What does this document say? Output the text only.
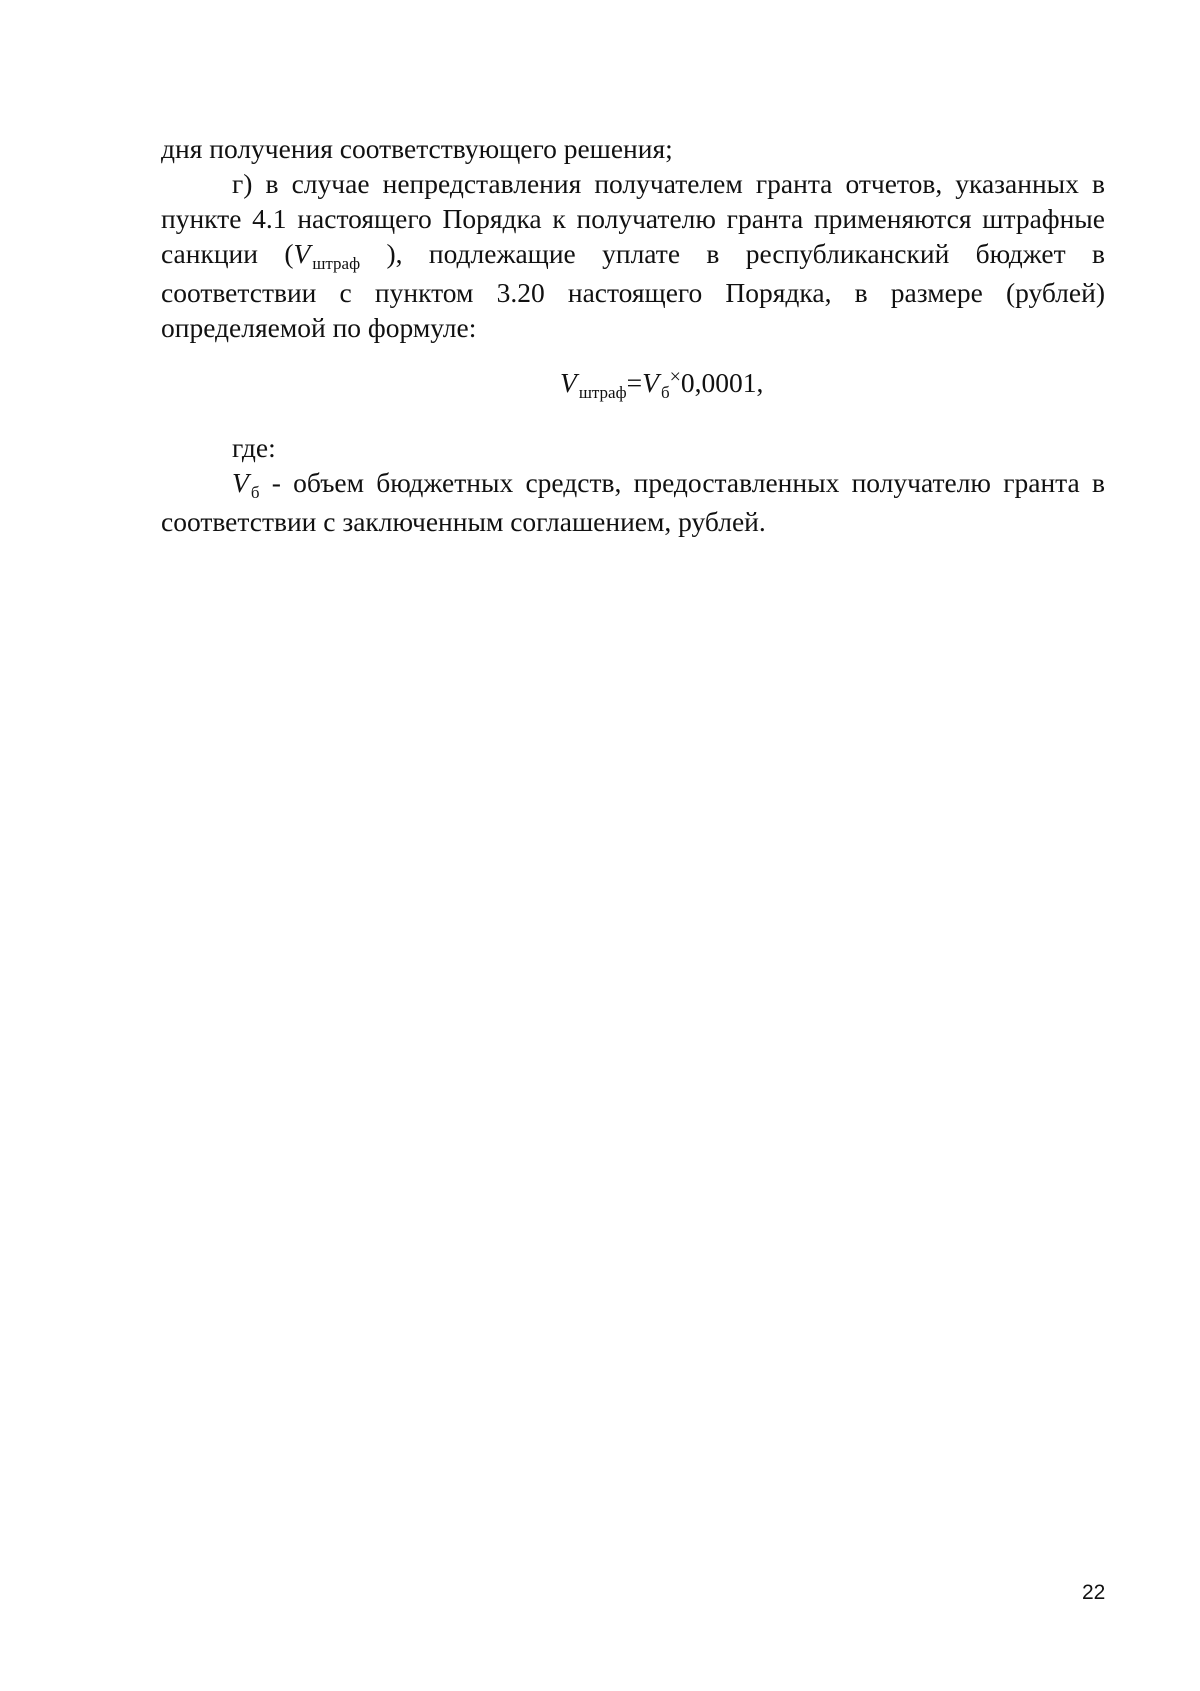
дня получения соответствующего решения;
г) в случае непредставления получателем гранта отчетов, указанных в
пункте 4.1 настоящего Порядка к получателю гранта применяются штрафные
санкции (V $_{штраф}$ ), подлежащие уплате в республиканский бюджет в
соответствии с пунктом 3.20 настоящего Порядка, в размере (рублей)
определяемой по формуле:
V $_{штраф}$=V $_б$×0,0001,
где:
V $_б$ - объем бюджетных средств, предоставленных получателю гранта в
соответствии с заключенным соглашением, рублей.
22
